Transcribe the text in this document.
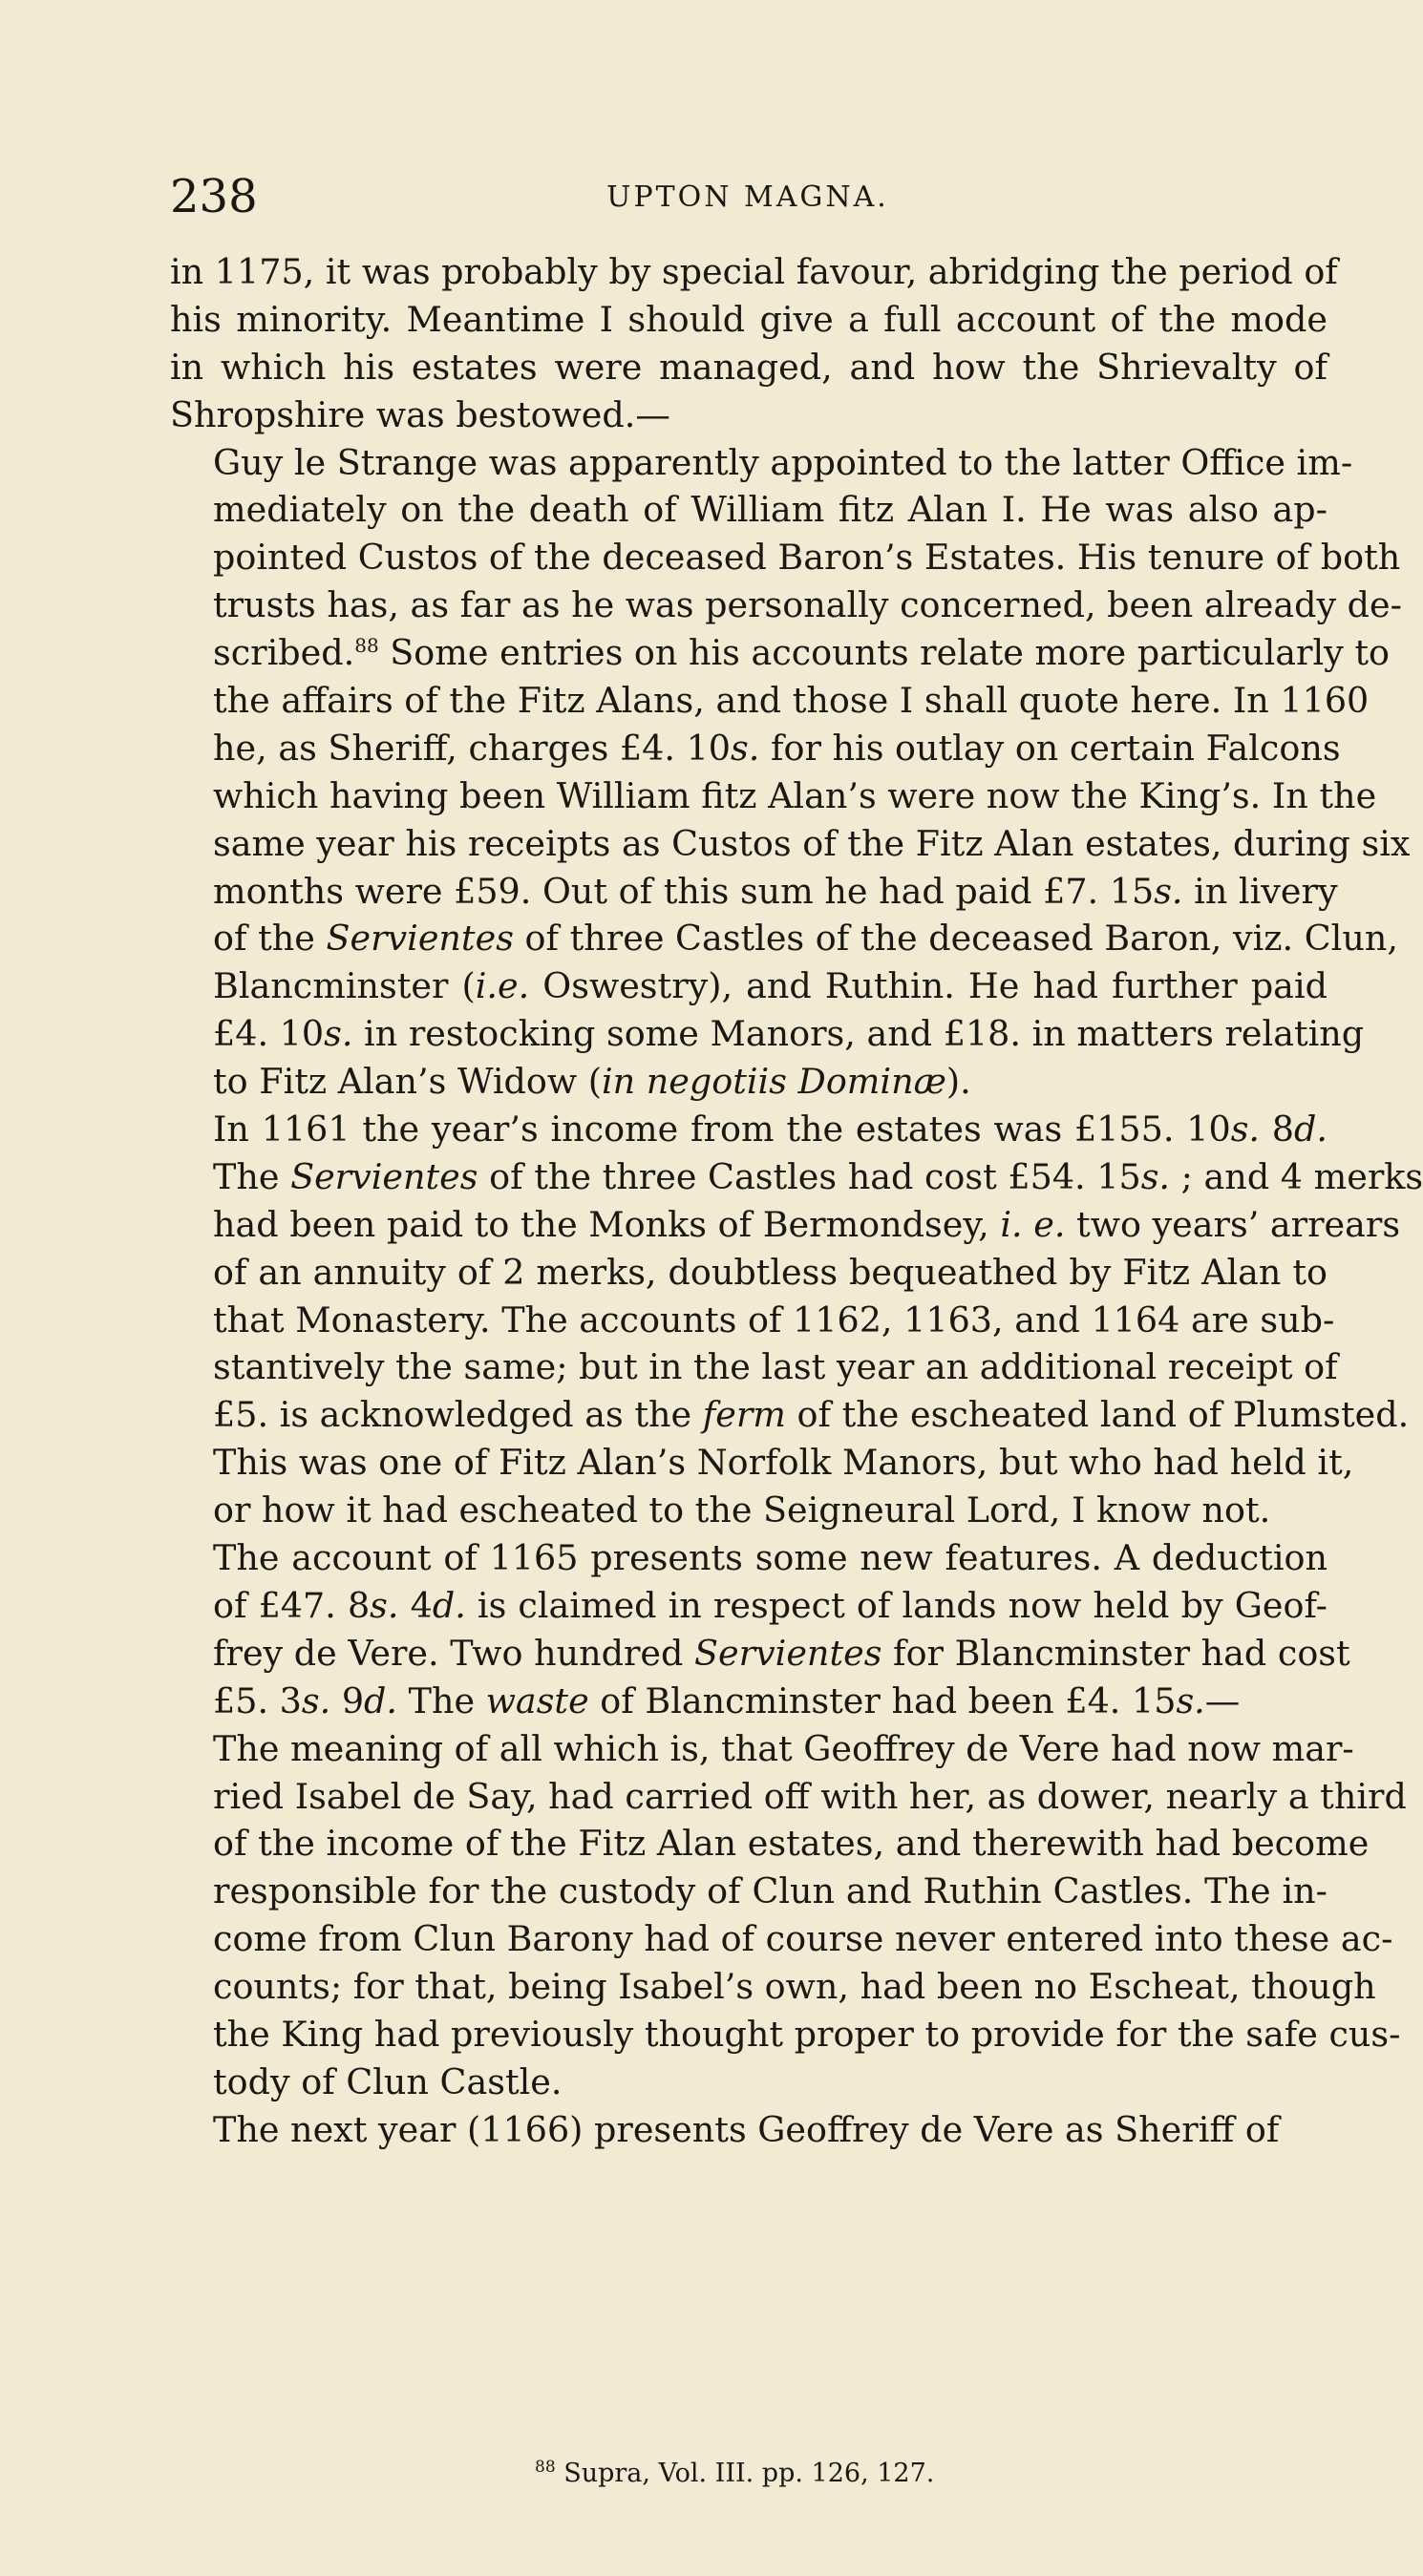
238	UPTON MAGNA.

in 1175, it was probably by special favour, abridging the period of
his minority. Meantime I should give a full account of the mode
in which his estates were managed, and how the Shrievalty of
Shropshire was bestowed.—

Guy le Strange was apparently appointed to the latter Office im-
mediately on the death of William fitz Alan I. He was also ap-
pointed Custos of the deceased Baron’s Estates. His tenure of both
trusts has, as far as he was personally concerned, been already de-
scribed.$^{88}$ Some entries on his accounts relate more particularly to
the affairs of the Fitz Alans, and those I shall quote here. In 1160
he, as Sheriff, charges £4. 10s. for his outlay on certain Falcons
which having been William fitz Alan’s were now the King’s. In the
same year his receipts as Custos of the Fitz Alan estates, during six
months were £59. Out of this sum he had paid £7. 15s. in livery
of the Servientes of three Castles of the deceased Baron, viz. Clun,
Blancminster (i.e. Oswestry), and Ruthin. He had further paid
£4. 10s. in restocking some Manors, and £18. in matters relating
to Fitz Alan’s Widow (in negotiis Dominæ).

In 1161 the year’s income from the estates was £155. 10s. 8d.
The Servientes of the three Castles had cost £54. 15s. ; and 4 merks
had been paid to the Monks of Bermondsey, i. e. two years’ arrears
of an annuity of 2 merks, doubtless bequeathed by Fitz Alan to
that Monastery. The accounts of 1162, 1163, and 1164 are sub-
stantively the same; but in the last year an additional receipt of
£5. is acknowledged as the ferm of the escheated land of Plumsted.
This was one of Fitz Alan’s Norfolk Manors, but who had held it,
or how it had escheated to the Seigneural Lord, I know not.

The account of 1165 presents some new features. A deduction
of £47. 8s. 4d. is claimed in respect of lands now held by Geof-
frey de Vere. Two hundred Servientes for Blancminster had cost
£5. 3s. 9d. The waste of Blancminster had been £4. 15s.—

The meaning of all which is, that Geoffrey de Vere had now mar-
ried Isabel de Say, had carried off with her, as dower, nearly a third
of the income of the Fitz Alan estates, and therewith had become
responsible for the custody of Clun and Ruthin Castles. The in-
come from Clun Barony had of course never entered into these ac-
counts; for that, being Isabel’s own, had been no Escheat, though
the King had previously thought proper to provide for the safe cus-
tody of Clun Castle.

The next year (1166) presents Geoffrey de Vere as Sheriff of

$^{88}$ Supra, Vol. III. pp. 126, 127.
